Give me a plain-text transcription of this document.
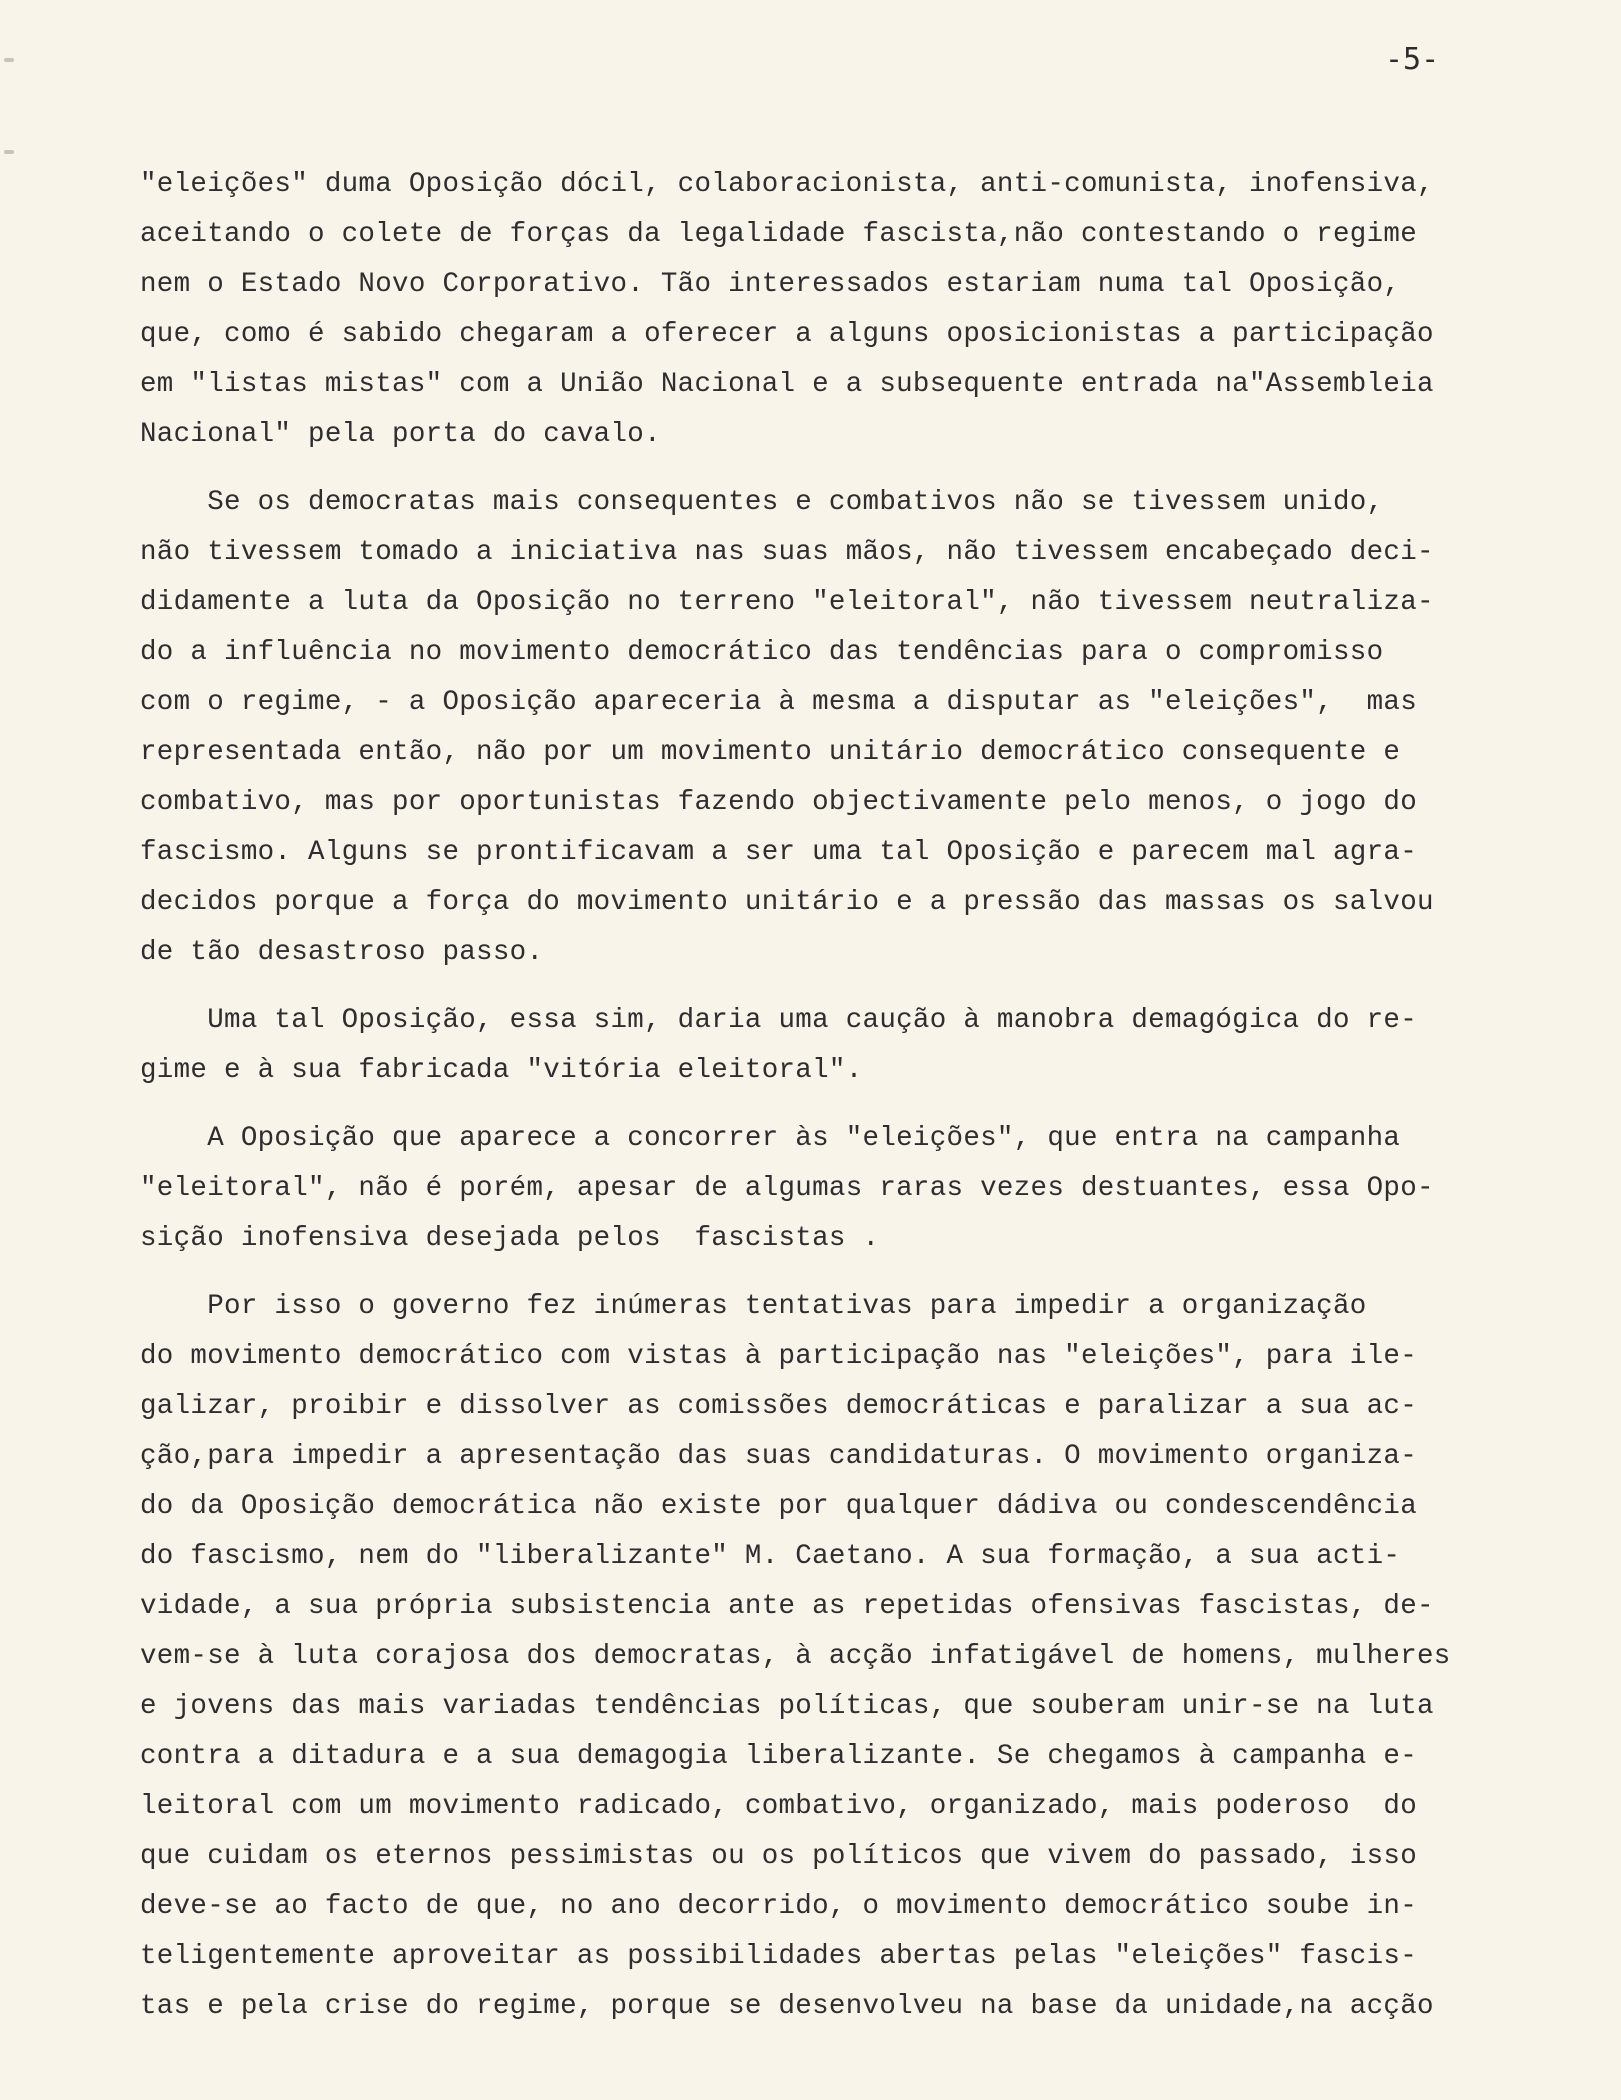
-5-
"eleições" duma Oposição dócil, colaboracionista, anti-comunista, inofensiva,
aceitando o colete de forças da legalidade fascista,não contestando o regime
nem o Estado Novo Corporativo. Tão interessados estariam numa tal Oposição,
que, como é sabido chegaram a oferecer a alguns oposicionistas a participação
em "listas mistas" com a União Nacional e a subsequente entrada na"Assembleia
Nacional" pela porta do cavalo.
Se os democratas mais consequentes e combativos não se tivessem unido,
não tivessem tomado a iniciativa nas suas mãos, não tivessem encabeçado deci-
didamente a luta da Oposição no terreno "eleitoral", não tivessem neutraliza-
do a influência no movimento democrático das tendências para o compromisso
com o regime, - a Oposição apareceria à mesma a disputar as "eleições",  mas
representada então, não por um movimento unitário democrático consequente e
combativo, mas por oportunistas fazendo objectivamente pelo menos, o jogo do
fascismo. Alguns se prontificavam a ser uma tal Oposição e parecem mal agra-
decidos porque a força do movimento unitário e a pressão das massas os salvou
de tão desastroso passo.
Uma tal Oposição, essa sim, daria uma caução à manobra demagógica do re-
gime e à sua fabricada "vitória eleitoral".
A Oposição que aparece a concorrer às "eleições", que entra na campanha
"eleitoral", não é porém, apesar de algumas raras vezes destuantes, essa Opo-
sição inofensiva desejada pelos  fascistas .
Por isso o governo fez inúmeras tentativas para impedir a organização
do movimento democrático com vistas à participação nas "eleições", para ile-
galizar, proibir e dissolver as comissões democráticas e paralizar a sua ac-
ção,para impedir a apresentação das suas candidaturas. O movimento organiza-
do da Oposição democrática não existe por qualquer dádiva ou condescendência
do fascismo, nem do "liberalizante" M. Caetano. A sua formação, a sua acti-
vidade, a sua própria subsistencia ante as repetidas ofensivas fascistas, de-
vem-se à luta corajosa dos democratas, à acção infatigável de homens, mulheres
e jovens das mais variadas tendências políticas, que souberam unir-se na luta
contra a ditadura e a sua demagogia liberalizante. Se chegamos à campanha e-
leitoral com um movimento radicado, combativo, organizado, mais poderoso  do
que cuidam os eternos pessimistas ou os políticos que vivem do passado, isso
deve-se ao facto de que, no ano decorrido, o movimento democrático soube in-
teligentemente aproveitar as possibilidades abertas pelas "eleições" fascis-
tas e pela crise do regime, porque se desenvolveu na base da unidade,na acção
